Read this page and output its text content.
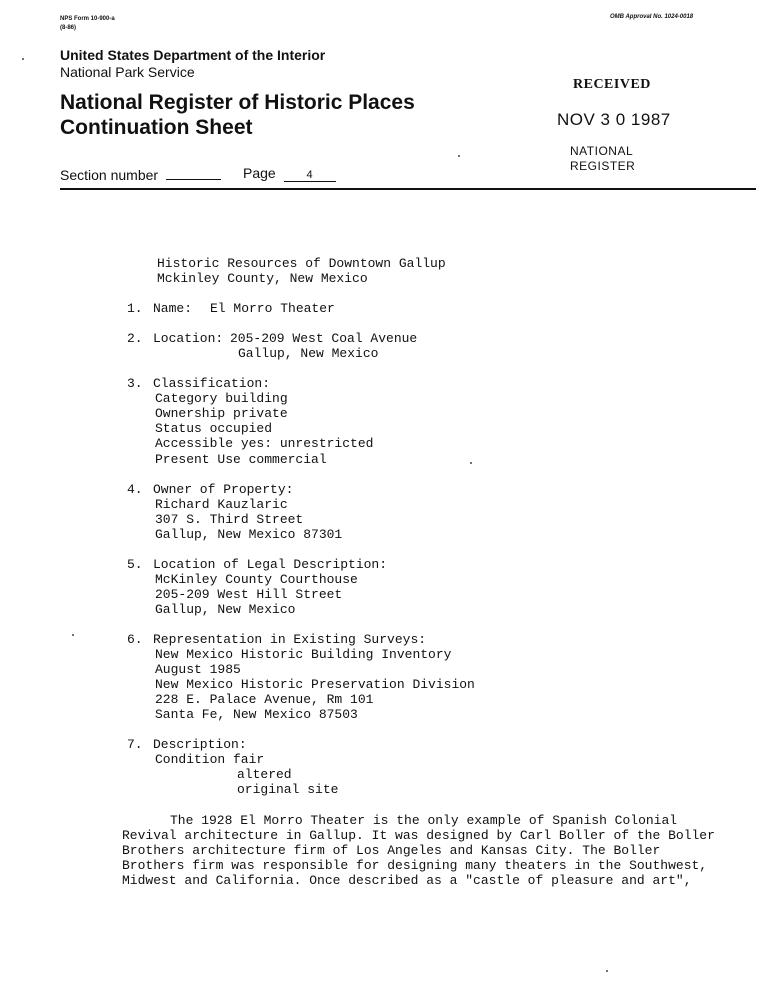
NPS Form 10-900-a
(8-86)
OMB Approval No. 1024-0018
United States Department of the Interior
National Park Service
National Register of Historic Places
Continuation Sheet
Section number	Page	4
RECEIVED
NOV 3 0 1987
NATIONAL
REGISTER
Historic Resources of Downtown Gallup
Mckinley County, New Mexico
1. Name: El Morro Theater
2. Location: 205-209 West Coal Avenue
Gallup, New Mexico
3. Classification:
Category building
Ownership private
Status occupied
Accessible yes: unrestricted
Present Use commercial
4. Owner of Property:
Richard Kauzlaric
307 S. Third Street
Gallup, New Mexico 87301
5. Location of Legal Description:
McKinley County Courthouse
205-209 West Hill Street
Gallup, New Mexico
6. Representation in Existing Surveys:
New Mexico Historic Building Inventory
August 1985
New Mexico Historic Preservation Division
228 E. Palace Avenue, Rm 101
Santa Fe, New Mexico 87503
7. Description:
Condition fair
altered
original site
The 1928 El Morro Theater is the only example of Spanish Colonial
Revival architecture in Gallup. It was designed by Carl Boller of the Boller
Brothers architecture firm of Los Angeles and Kansas City. The Boller
Brothers firm was responsible for designing many theaters in the Southwest,
Midwest and California. Once described as a "castle of pleasure and art",
